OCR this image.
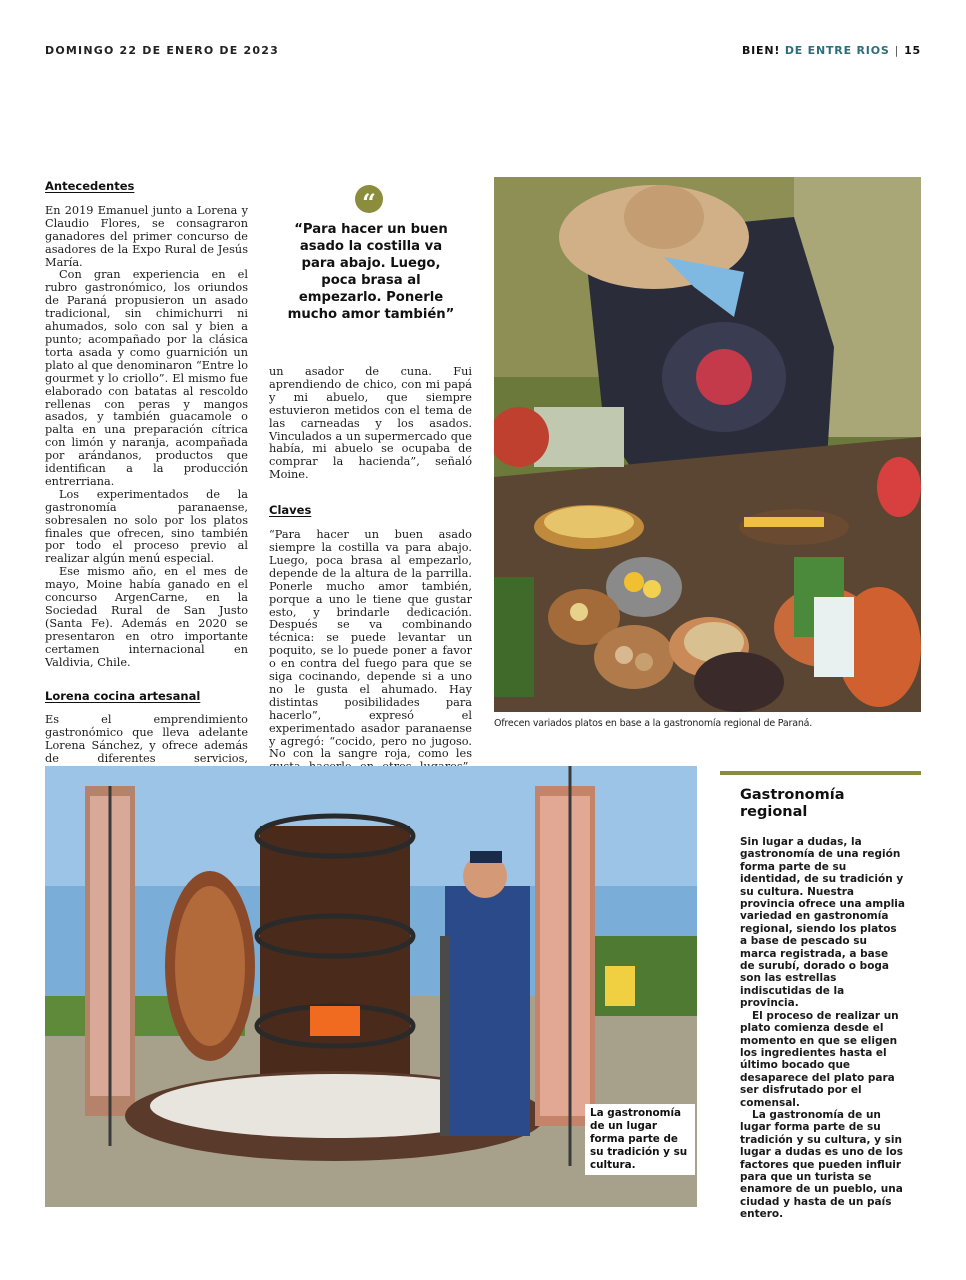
DOMINGO 22 DE ENERO DE 2023	BIEN! DE ENTRE RIOS | 15
Antecedentes

En 2019 Emanuel junto a Lorena y Claudio Flores, se consagraron ganadores del primer concurso de asadores de la Expo Rural de Jesús María.

Con gran experiencia en el rubro gastronómico, los oriundos de Paraná propusieron un asado tradicional, sin chimichurri ni ahumados, solo con sal y bien a punto; acompañado por la clásica torta asada y como guarnición un plato al que denominaron “Entre lo gourmet y lo criollo”. El mismo fue elaborado con batatas al rescoldo rellenas con peras y mangos asados, y también guacamole o palta en una preparación cítrica con limón y naranja, acompañada por arándanos, productos que identifican a la producción entrerriana.

Los experimentados de la gastronomía paranaense, sobresalen no solo por los platos finales que ofrecen, sino también por todo el proceso previo al realizar algún menú especial.

Ese mismo año, en el mes de mayo, Moine había ganado en el concurso ArgenCarne, en la Sociedad Rural de San Justo (Santa Fe). Además en 2020 se presentaron en otro importante certamen internacional en Valdivia, Chile.

Lorena cocina artesanal

Es el emprendimiento gastronómico que lleva adelante Lorena Sánchez, y ofrece además de diferentes servicios,

“
“Para hacer un buen asado la costilla va para abajo. Luego, poca brasa al empezarlo. Ponerle mucho amor también”

un asador de cuna. Fui aprendiendo de chico, con mi papá y mi abuelo, que siempre estuvieron metidos con el tema de las carneadas y los asados. Vinculados a un supermercado que había, mi abuelo se ocupaba de comprar la hacienda”, señaló Moine.

Claves

“Para hacer un buen asado siempre la costilla va para abajo. Luego, poca brasa al empezarlo, depende de la altura de la parrilla. Ponerle mucho amor también, porque a uno le tiene que gustar esto, y brindarle dedicación. Después se va combinando técnica: se puede levantar un poquito, se lo puede poner a favor o en contra del fuego para que se siga cocinando, depende si a uno no le gusta el ahumado. Hay distintas posibilidades para hacerlo”, expresó el experimentado asador paranaense y agregó: “cocido, pero no jugoso. No con la sangre roja, como les

Ofrecen variados platos en base a la gastronomía regional de Paraná.
La gastronomía de un lugar forma parte de su tradición y su cultura.
Gastronomía regional

Sin lugar a dudas, la gastronomía de una región forma parte de su identidad, de su tradición y su cultura. Nuestra provincia ofrece una amplia variedad en gastronomía regional, siendo los platos a base de pescado su marca registrada, a base de surubí, dorado o boga son las estrellas indiscutidas de la provincia.

El proceso de realizar un plato comienza desde el momento en que se eligen los ingredientes hasta el último bocado que desaparece del plato para ser disfrutado por el comensal.

La gastronomía de un lugar forma parte de su tradición y su cultura, y sin lugar a dudas es uno de los factores que pueden influir para que un turista se enamore de un pueblo, una ciudad y hasta de un país entero.
